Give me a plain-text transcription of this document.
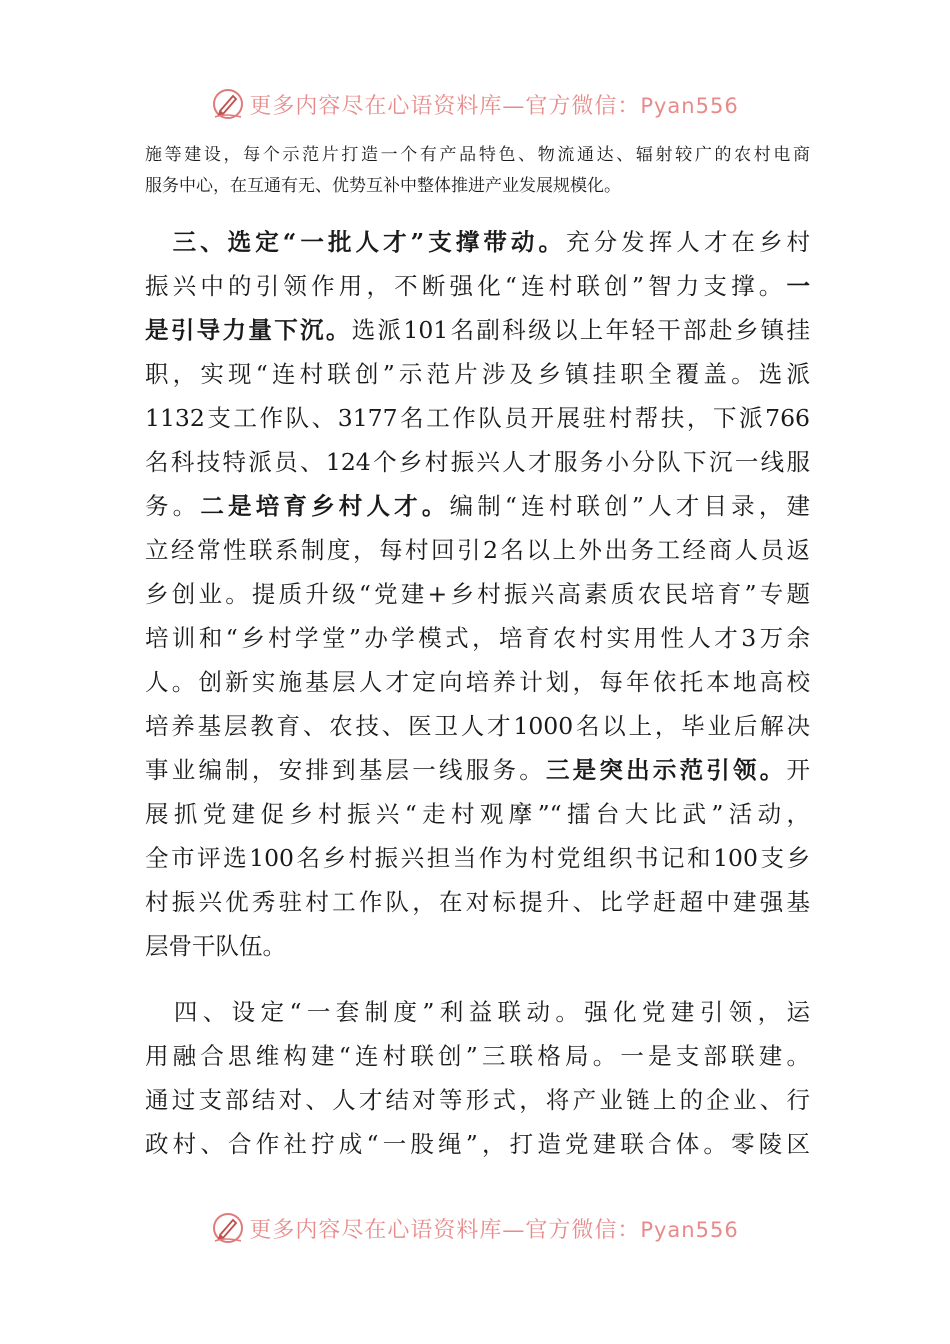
更多内容尽在心语资料库—官方微信：Pyan556
施等建设，每个示范片打造一个有产品特色、物流通达、辐射较广的农村电商
服务中心，在互通有无、优势互补中整体推进产业发展规模化。
　三、选定“一批人才”支撑带动。充分发挥人才在乡村
振兴中的引领作用，不断强化“连村联创”智力支撑。一
是引导力量下沉。选派101名副科级以上年轻干部赴乡镇挂
职，实现“连村联创”示范片涉及乡镇挂职全覆盖。选派
1132支工作队、3177名工作队员开展驻村帮扶，下派766
名科技特派员、124个乡村振兴人才服务小分队下沉一线服
务。二是培育乡村人才。编制“连村联创”人才目录，建
立经常性联系制度，每村回引2名以上外出务工经商人员返
乡创业。提质升级“党建+乡村振兴高素质农民培育”专题
培训和“乡村学堂”办学模式，培育农村实用性人才3万余
人。创新实施基层人才定向培养计划，每年依托本地高校
培养基层教育、农技、医卫人才1000名以上，毕业后解决
事业编制，安排到基层一线服务。三是突出示范引领。开
展抓党建促乡村振兴“走村观摩”“擂台大比武”活动，
全市评选100名乡村振兴担当作为村党组织书记和100支乡
村振兴优秀驻村工作队，在对标提升、比学赶超中建强基
层骨干队伍。
　四、设定“一套制度”利益联动。强化党建引领，运
用融合思维构建“连村联创”三联格局。一是支部联建。
通过支部结对、人才结对等形式，将产业链上的企业、行
政村、合作社拧成“一股绳”，打造党建联合体。零陵区
更多内容尽在心语资料库—官方微信：Pyan556
